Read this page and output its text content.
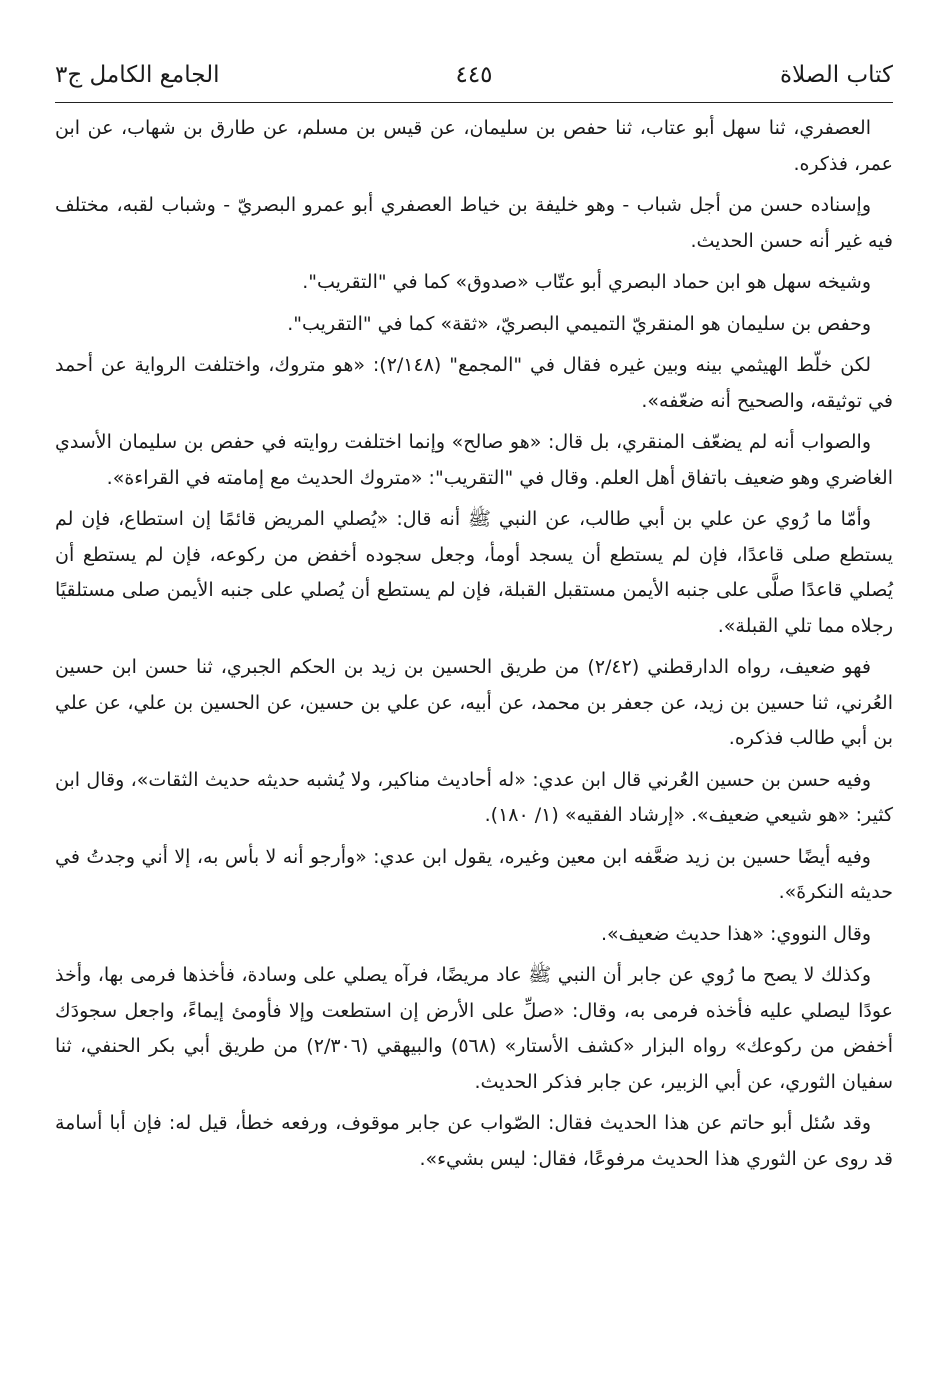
كتاب الصلاة
٤٤٥
الجامع الكامل ج٣

العصفري، ثنا سهل أبو عتاب، ثنا حفص بن سليمان، عن قيس بن مسلم، عن طارق بن شهاب، عن ابن عمر، فذكره.

وإسناده حسن من أجل شباب - وهو خليفة بن خياط العصفري أبو عمرو البصريّ - وشباب لقبه، مختلف فيه غير أنه حسن الحديث.

وشيخه سهل هو ابن حماد البصري أبو عتّاب «صدوق» كما في "التقريب".

وحفص بن سليمان هو المنقريّ التميمي البصريّ، «ثقة» كما في "التقريب".

لكن خلّط الهيثمي بينه وبين غيره فقال في "المجمع" (٢/١٤٨): «هو متروك، واختلفت الرواية عن أحمد في توثيقه، والصحيح أنه ضعّفه».

والصواب أنه لم يضعّف المنقري، بل قال: «هو صالح» وإنما اختلفت روايته في حفص بن سليمان الأسدي الغاضري وهو ضعيف باتفاق أهل العلم. وقال في "التقريب": «متروك الحديث مع إمامته في القراءة».

وأمّا ما رُوي عن علي بن أبي طالب، عن النبي ﷺ أنه قال: «يُصلي المريض قائمًا إن استطاع، فإن لم يستطع صلى قاعدًا، فإن لم يستطع أن يسجد أومأ، وجعل سجوده أخفض من ركوعه، فإن لم يستطع أن يُصلي قاعدًا صلَّى على جنبه الأيمن مستقبل القبلة، فإن لم يستطع أن يُصلي على جنبه الأيمن صلى مستلقيًا رجلاه مما تلي القبلة».

فهو ضعيف، رواه الدارقطني (٢/٤٢) من طريق الحسين بن زيد بن الحكم الجبري، ثنا حسن ابن حسين العُرني، ثنا حسين بن زيد، عن جعفر بن محمد، عن أبيه، عن علي بن حسين، عن الحسين بن علي، عن علي بن أبي طالب فذكره.

وفيه حسن بن حسين العُرني قال ابن عدي: «له أحاديث مناكير، ولا يُشبه حديثه حديث الثقات»، وقال ابن كثير: «هو شيعي ضعيف». «إرشاد الفقيه» (١/ ١٨٠).

وفيه أيضًا حسين بن زيد ضعَّفه ابن معين وغيره، يقول ابن عدي: «وأرجو أنه لا بأس به، إلا أني وجدتُ في حديثه النكرةَ».

وقال النووي: «هذا حديث ضعيف».

وكذلك لا يصح ما رُوي عن جابر أن النبي ﷺ عاد مريضًا، فرآه يصلي على وسادة، فأخذها فرمى بها، وأخذ عودًا ليصلي عليه فأخذه فرمى به، وقال: «صلِّ على الأرض إن استطعت وإلا فأومئ إيماءً، واجعل سجودَك أخفض من ركوعك» رواه البزار «كشف الأستار» (٥٦٨) والبيهقي (٢/٣٠٦) من طريق أبي بكر الحنفي، ثنا سفيان الثوري، عن أبي الزبير، عن جابر فذكر الحديث.

وقد سُئل أبو حاتم عن هذا الحديث فقال: الصّواب عن جابر موقوف، ورفعه خطأ، قيل له: فإن أبا أسامة قد روى عن الثوري هذا الحديث مرفوعًا، فقال: ليس بشيء».
